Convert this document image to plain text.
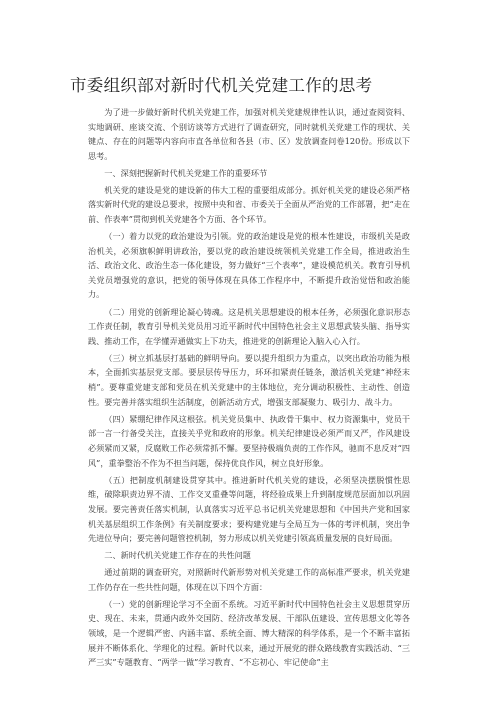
市委组织部对新时代机关党建工作的思考

为了进一步做好新时代机关党建工作，加强对机关党建规律性认识，通过查阅资料、实地调研、座谈交流、个别访谈等方式进行了调查研究，同时就机关党建工作的现状、关键点、存在的问题等内容向市直各单位和各县（市、区）发放调查问卷120份。形成以下思考。

一、深刻把握新时代机关党建工作的重要环节

机关党的建设是党的建设新的伟大工程的重要组成部分。抓好机关党的建设必须严格落实新时代党的建设总要求，按照中央和省、市委关于全面从严治党的工作部署，把“走在前、作表率”贯彻到机关党建各个方面、各个环节。

（一）着力以党的政治建设为引领。党的政治建设是党的根本性建设，市级机关是政治机关，必须旗帜鲜明讲政治，要以党的政治建设统领机关党建工作全局，推进政治生活、政治文化、政治生态一体化建设，努力做好“三个表率”，建设模范机关。教育引导机关党员增强党的意识，把党的领导体现在具体工作程序中，不断提升政治觉悟和政治能力。

（二）用党的创新理论凝心铸魂。这是机关思想建设的根本任务，必须强化意识形态工作责任制，教育引导机关党员用习近平新时代中国特色社会主义思想武装头脑、指导实践、推动工作，在学懂弄通做实上下功夫，推进党的创新理论入脑入心入行。

（三）树立抓基层打基础的鲜明导向。要以提升组织力为重点，以突出政治功能为根本，全面抓实基层党支部。要层层传导压力，环环扣紧责任链条，激活机关党建“神经末梢”。要尊重党建支部和党员在机关党建中的主体地位，充分调动积极性、主动性、创造性。要完善并落实组织生活制度，创新活动方式，增强支部凝聚力、吸引力、战斗力。

（四）紧绷纪律作风这根弦。机关党员集中、执政骨干集中、权力资源集中，党员干部一言一行备受关注，直接关乎党和政府的形象。机关纪律建设必须严而又严，作风建设必须紧而又紧，反腐败工作必须常抓不懈。要坚持极端负责的工作作风，驰而不息反对“四风”，重拳整治不作为不担当问题，保持优良作风，树立良好形象。

（五）把制度机制建设贯穿其中。推进新时代机关党的建设，必须坚决摆脱惯性思维，破除职责边界不清、工作交叉重叠等问题，将经验成果上升到制度规范层面加以巩固发展。要完善责任落实机制，认真落实习近平总书记机关党建思想和《中国共产党和国家机关基层组织工作条例》有关制度要求；要构建党建与全局互为一体的考评机制，突出争先进位导向；要完善问题管控机制，努力形成以机关党建引领高质量发展的良好局面。

二、新时代机关党建工作存在的共性问题

通过前期的调查研究，对照新时代新形势对机关党建工作的高标准严要求，机关党建工作仍存在一些共性问题，体现在以下四个方面：

（一）党的创新理论学习不全面不系统。习近平新时代中国特色社会主义思想贯穿历史、现在、未来，贯通内政外交国防、经济改革发展、干部队伍建设、宣传思想文化等各领域，是一个逻辑严密、内涵丰富、系统全面、博大精深的科学体系，是一个不断丰富拓展并不断体系化、学理化的过程。新时代以来，通过开展党的群众路线教育实践活动、“三严三实”专题教育、“两学一做”学习教育、“不忘初心、牢记使命”主
